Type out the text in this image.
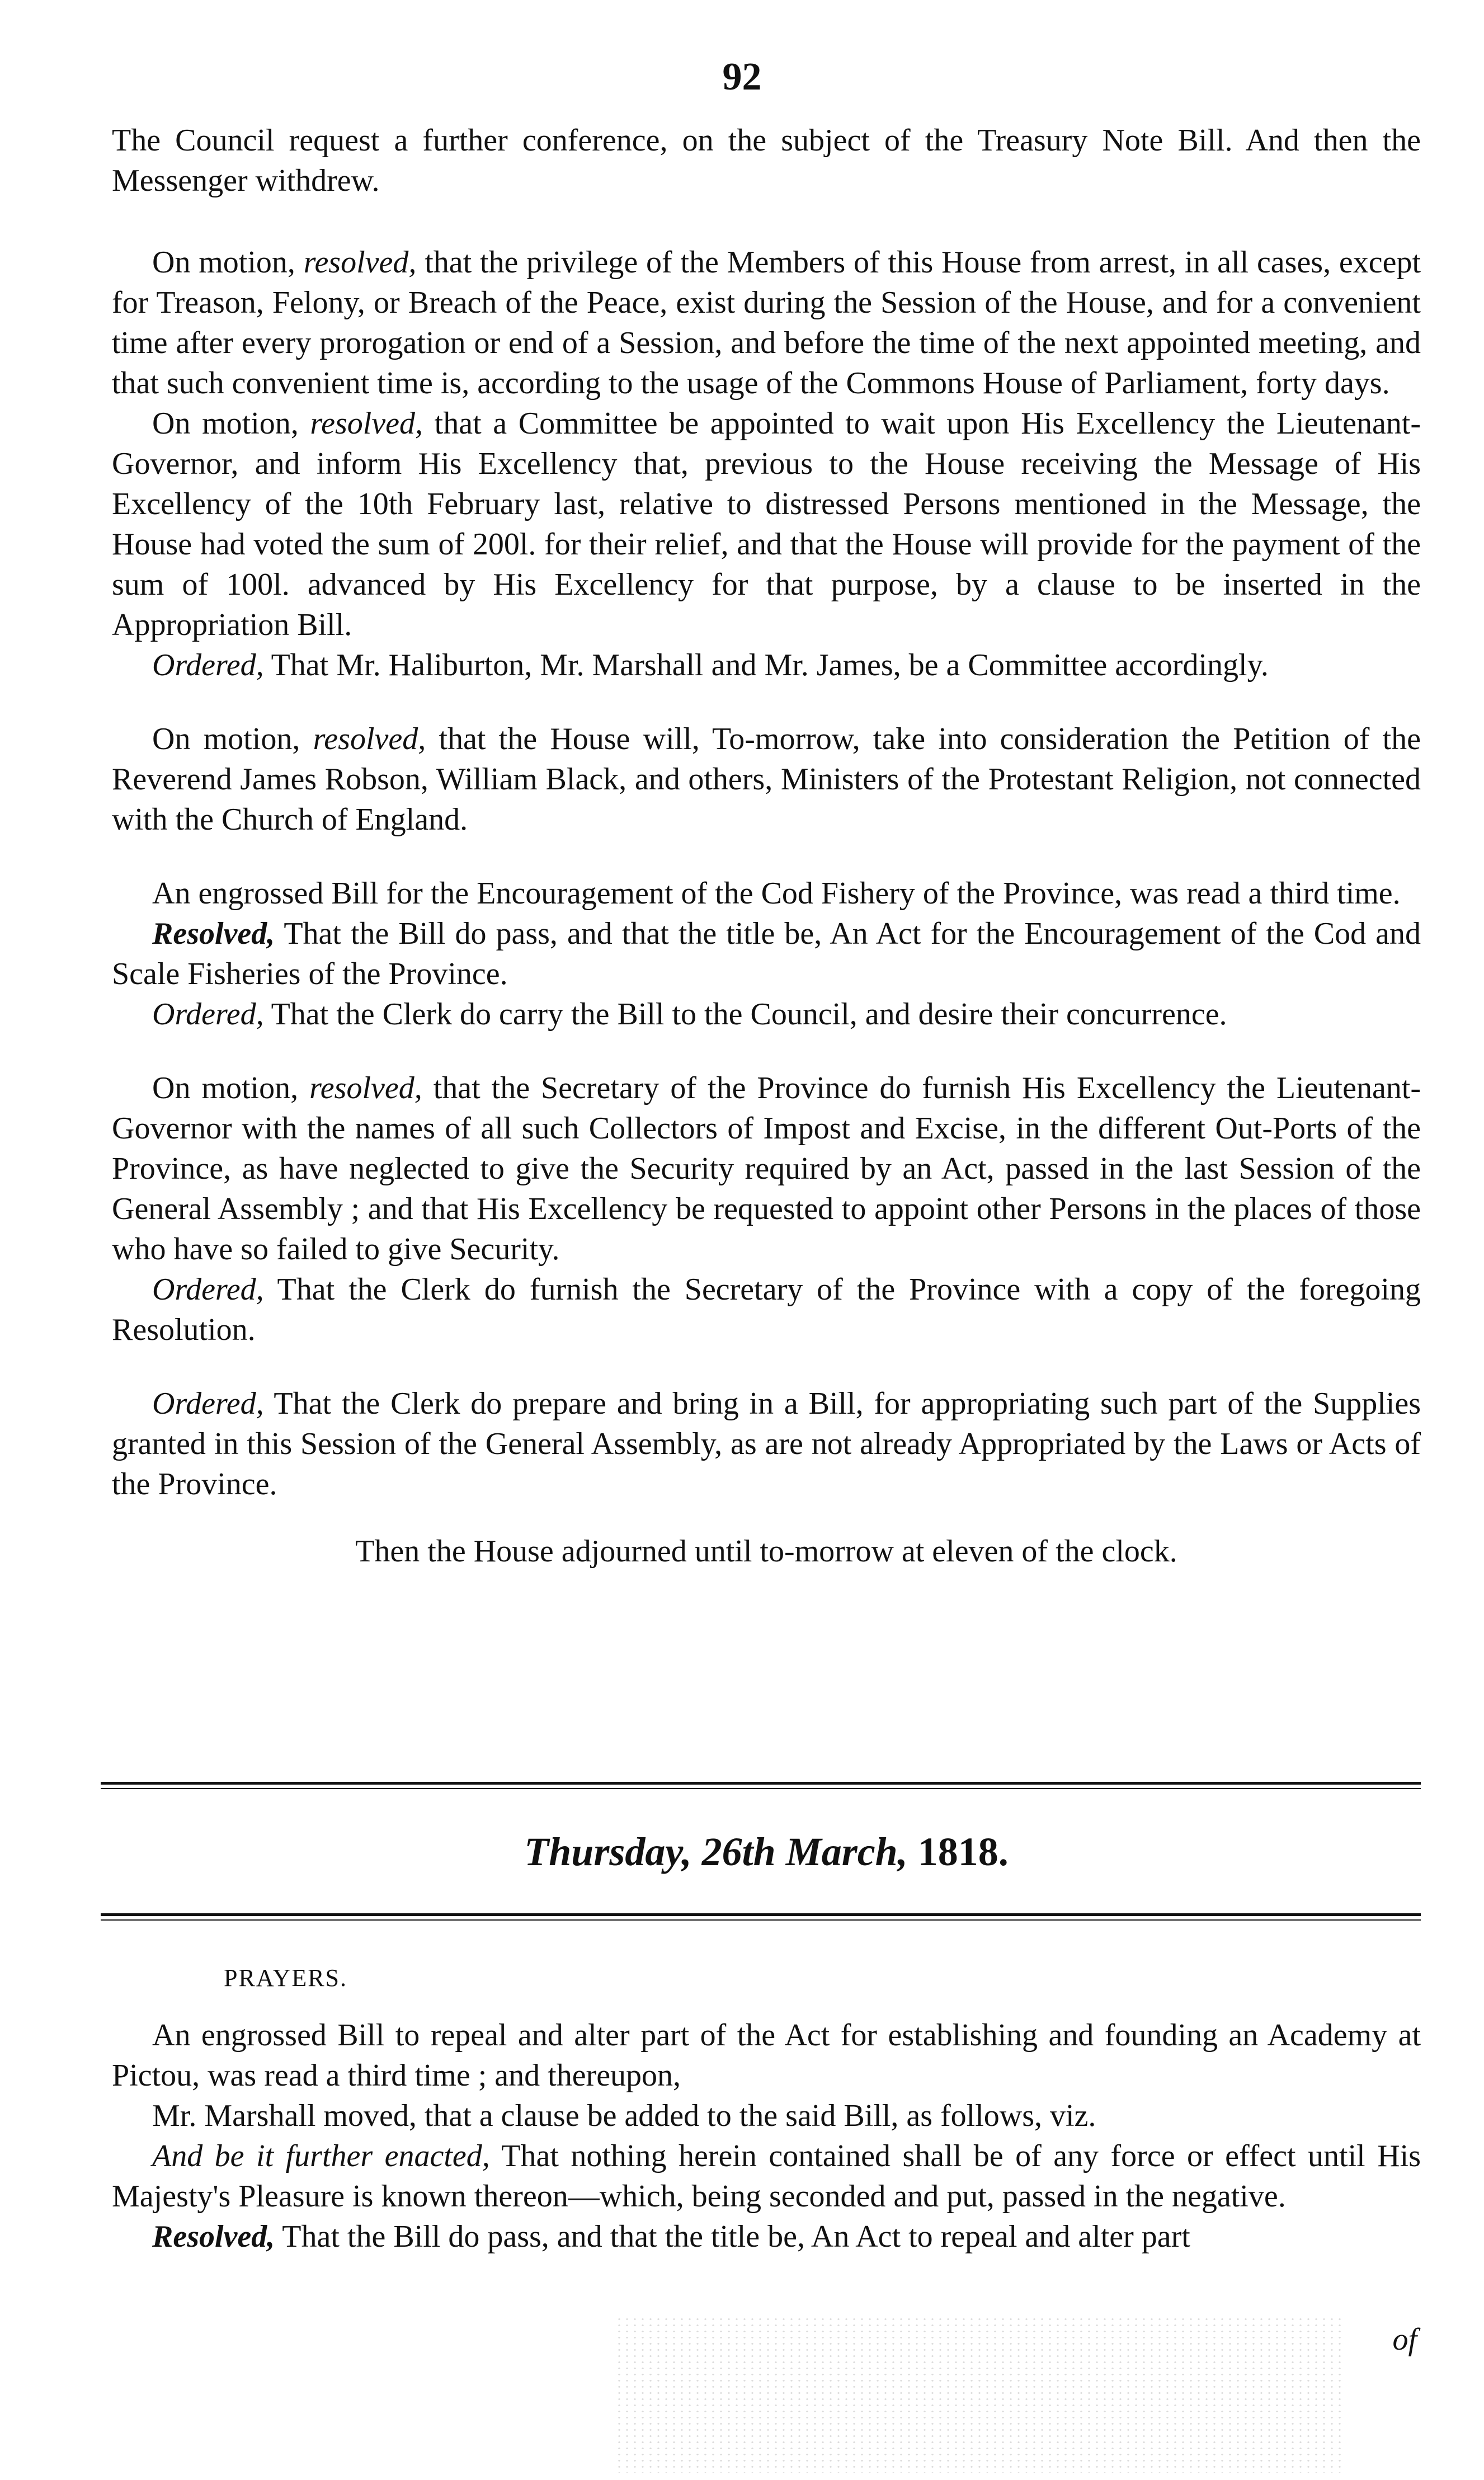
92

The Council request a further conference, on the subject of the Treasury Note Bill. And then the Messenger withdrew.

On motion, resolved, that the privilege of the Members of this House from arrest, in all cases, except for Treason, Felony, or Breach of the Peace, exist during the Session of the House, and for a convenient time after every prorogation or end of a Session, and before the time of the next appointed meeting, and that such convenient time is, according to the usage of the Commons House of Parliament, forty days.

On motion, resolved, that a Committee be appointed to wait upon His Excellency the Lieutenant-Governor, and inform His Excellency that, previous to the House receiving the Message of His Excellency of the 10th February last, relative to distressed Persons mentioned in the Message, the House had voted the sum of 200l. for their relief, and that the House will provide for the payment of the sum of 100l. advanced by His Excellency for that purpose, by a clause to be inserted in the Appropriation Bill.

Ordered, That Mr. Haliburton, Mr. Marshall and Mr. James, be a Committee accordingly.

On motion, resolved, that the House will, To-morrow, take into consideration the Petition of the Reverend James Robson, William Black, and others, Ministers of the Protestant Religion, not connected with the Church of England.

An engrossed Bill for the Encouragement of the Cod Fishery of the Province, was read a third time.

Resolved, That the Bill do pass, and that the title be, An Act for the Encouragement of the Cod and Scale Fisheries of the Province.

Ordered, That the Clerk do carry the Bill to the Council, and desire their concurrence.

On motion, resolved, that the Secretary of the Province do furnish His Excellency the Lieutenant-Governor with the names of all such Collectors of Impost and Excise, in the different Out-Ports of the Province, as have neglected to give the Security required by an Act, passed in the last Session of the General Assembly ; and that His Excellency be requested to appoint other Persons in the places of those who have so failed to give Security.

Ordered, That the Clerk do furnish the Secretary of the Province with a copy of the foregoing Resolution.

Ordered, That the Clerk do prepare and bring in a Bill, for appropriating such part of the Supplies granted in this Session of the General Assembly, as are not already Appropriated by the Laws or Acts of the Province.

Then the House adjourned until to-morrow at eleven of the clock.

Thursday, 26th March, 1818.

PRAYERS.

An engrossed Bill to repeal and alter part of the Act for establishing and founding an Academy at Pictou, was read a third time ; and thereupon,

Mr. Marshall moved, that a clause be added to the said Bill, as follows, viz.

And be it further enacted, That nothing herein contained shall be of any force or effect until His Majesty's Pleasure is known thereon—which, being seconded and put, passed in the negative.

Resolved, That the Bill do pass, and that the title be, An Act to repeal and alter part

of
